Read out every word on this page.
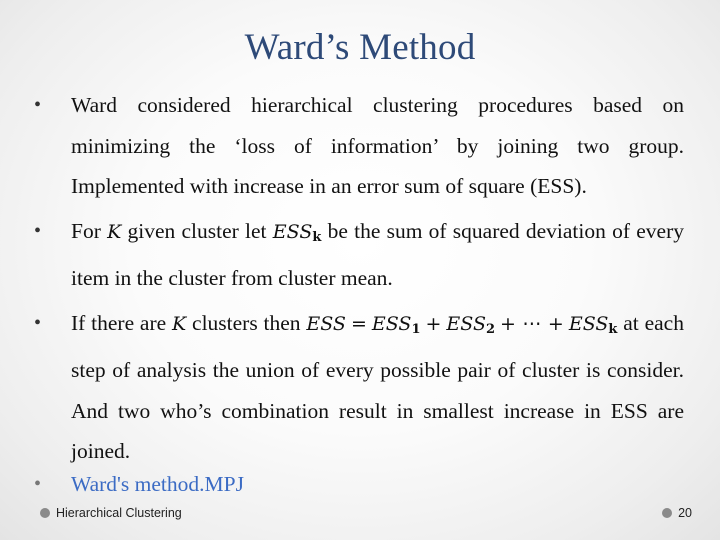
Ward’s Method
•	Ward considered hierarchical clustering procedures based on minimizing the ‘loss of information’ by joining two group. Implemented with increase in an error sum of square (ESS).
•	For K given cluster let $ESS_k$ be the sum of squared deviation of every item in the cluster from cluster mean.
•	If there are K clusters then ESS = $ESS_1 + ESS_2$ + ⋯ + $ESS_k$ at each step of analysis the union of every possible pair of cluster is consider. And two who’s combination result in smallest increase in ESS are joined.
•	Ward's method.MPJ
Hierarchical Clustering	20
